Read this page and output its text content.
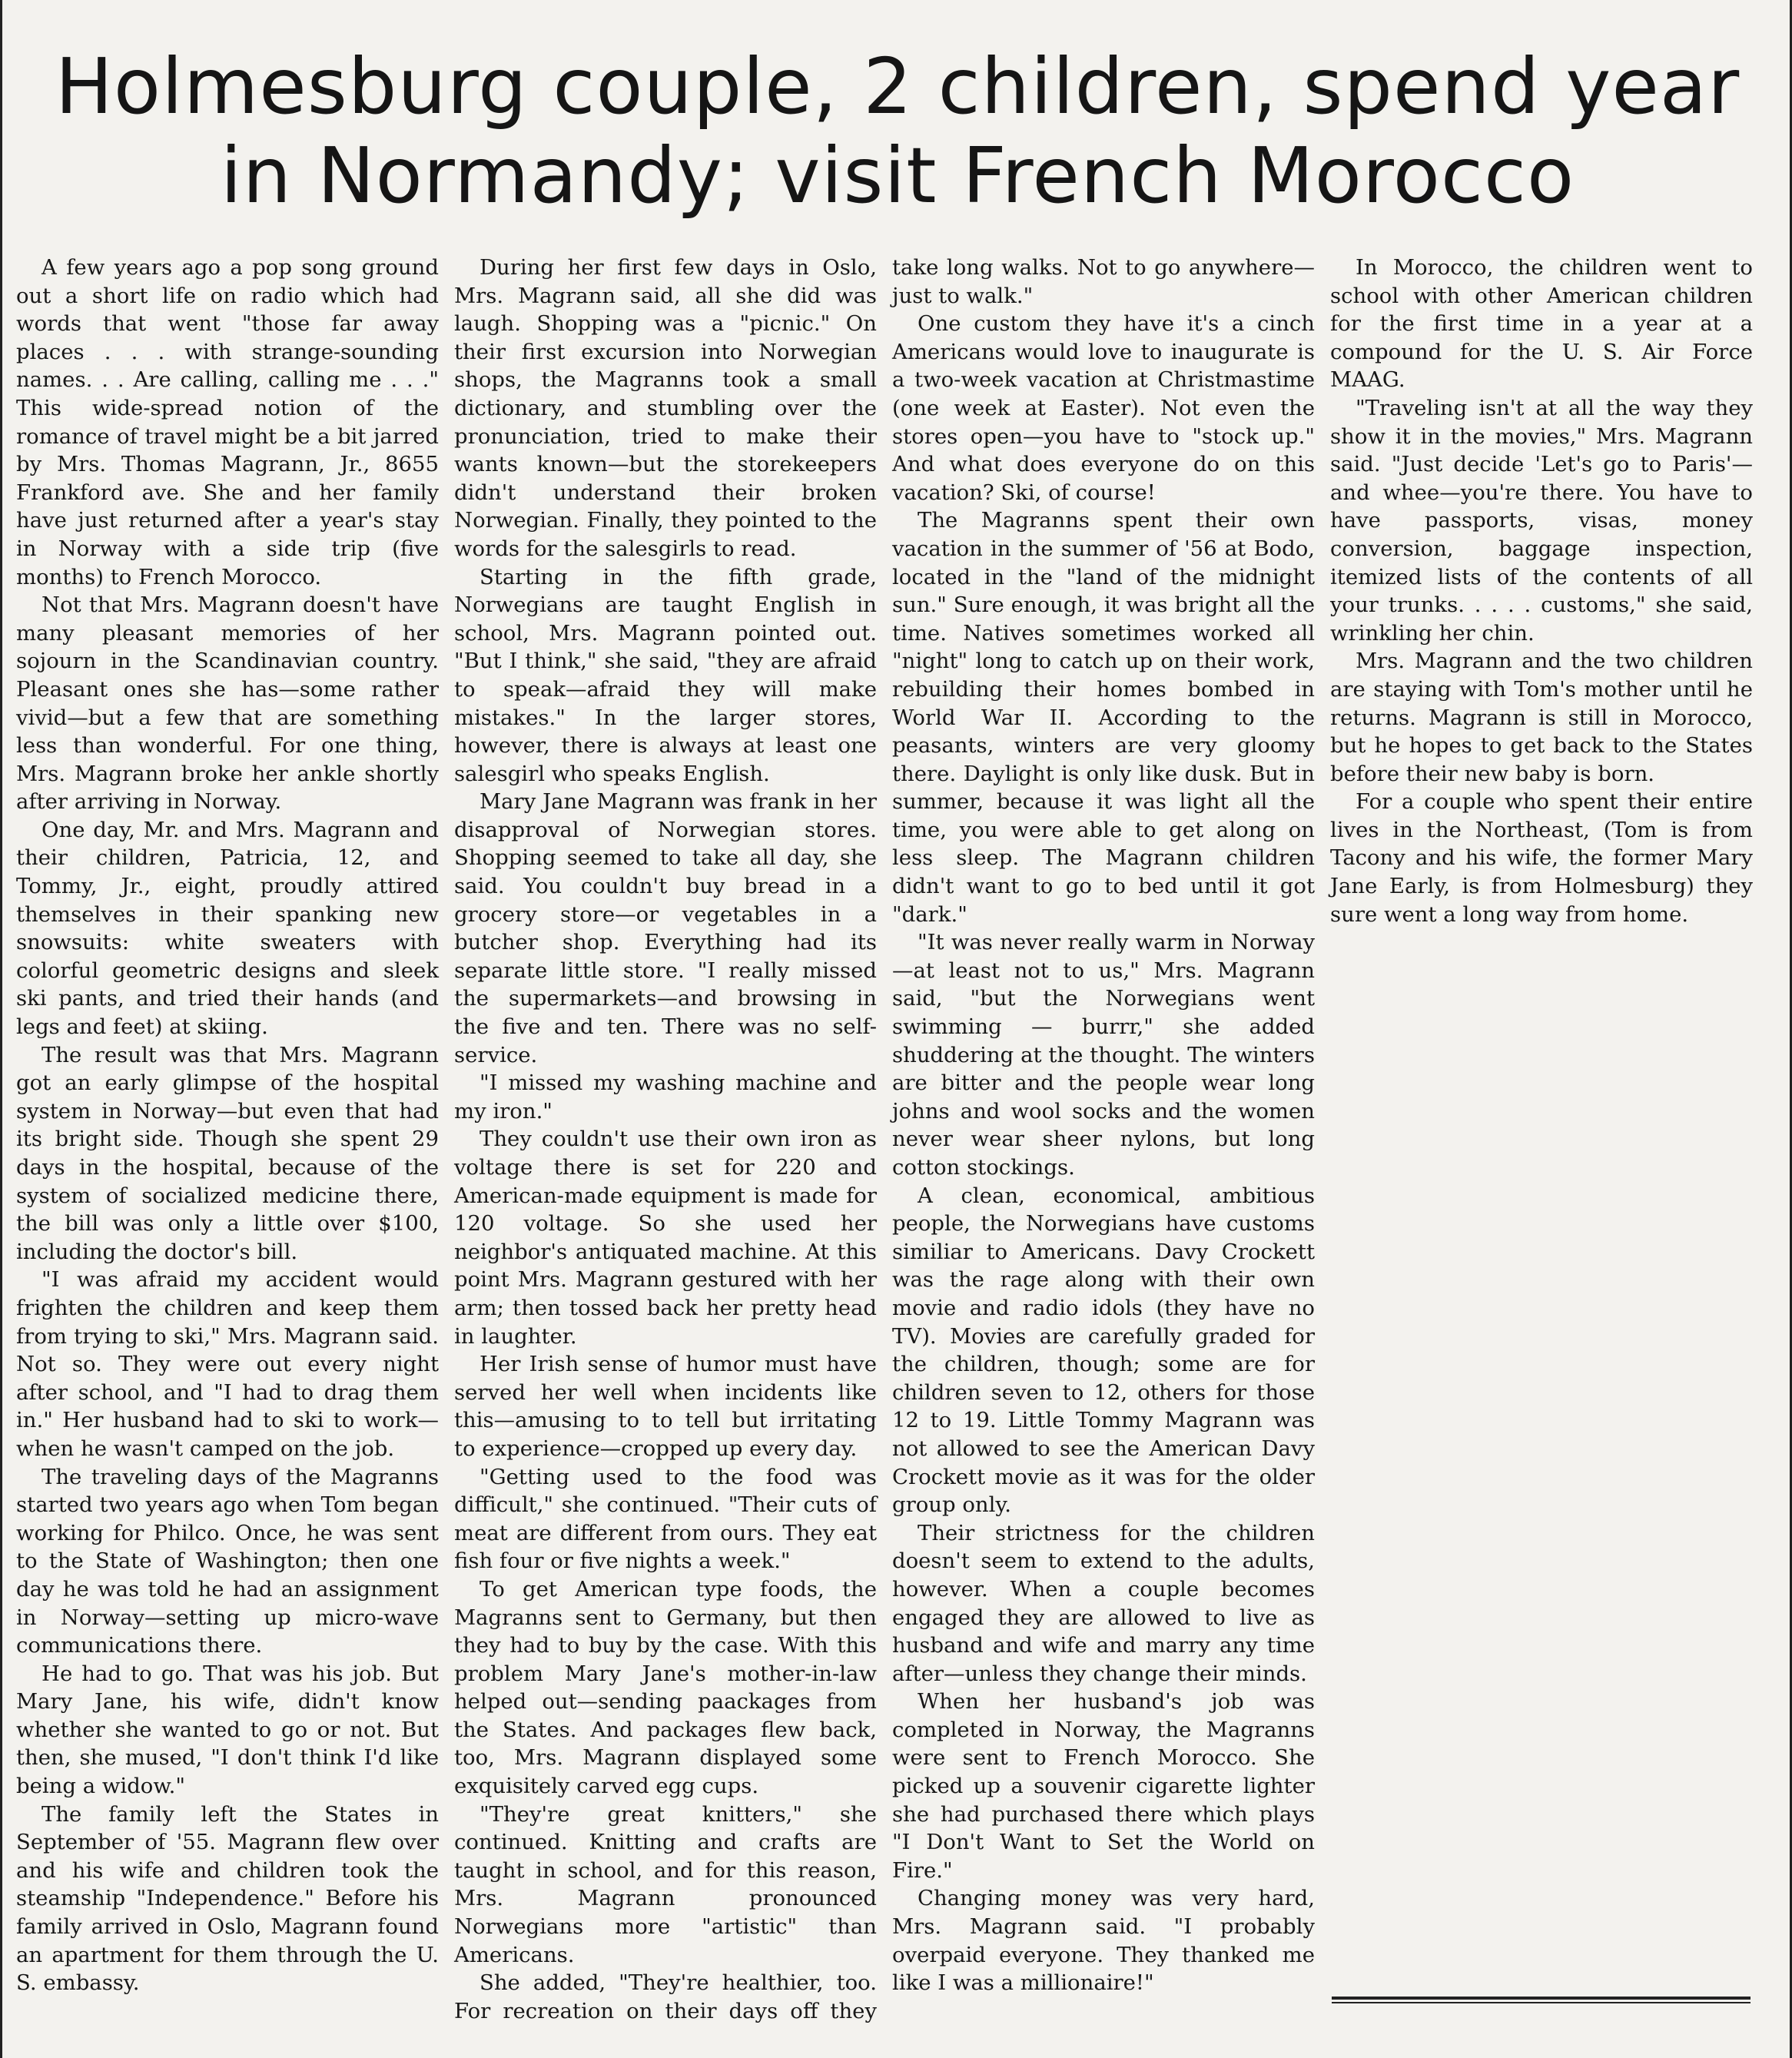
Holmesburg couple, 2 children, spend year in Normandy; visit French Morocco

A few years ago a pop song ground out a short life on radio which had words that went "those far away places . . . with strange-sounding names. . . Are calling, calling me . . ." This wide-spread notion of the romance of travel might be a bit jarred by Mrs. Thomas Magrann, Jr., 8655 Frankford ave. She and her family have just returned after a year's stay in Norway with a side trip (five months) to French Morocco.

Not that Mrs. Magrann doesn't have many pleasant memories of her sojourn in the Scandinavian country. Pleasant ones she has—some rather vivid—but a few that are something less than wonderful. For one thing, Mrs. Magrann broke her ankle shortly after arriving in Norway.

One day, Mr. and Mrs. Magrann and their children, Patricia, 12, and Tommy, Jr., eight, proudly attired themselves in their spanking new snowsuits: white sweaters with colorful geometric designs and sleek ski pants, and tried their hands (and legs and feet) at skiing.

The result was that Mrs. Magrann got an early glimpse of the hospital system in Norway—but even that had its bright side. Though she spent 29 days in the hospital, because of the system of socialized medicine there, the bill was only a little over $100, including the doctor's bill.

"I was afraid my accident would frighten the children and keep them from trying to ski," Mrs. Magrann said. Not so. They were out every night after school, and "I had to drag them in." Her husband had to ski to work—when he wasn't camped on the job.

The traveling days of the Magranns started two years ago when Tom began working for Philco. Once, he was sent to the State of Washington; then one day he was told he had an assignment in Norway—setting up micro-wave communications there.

He had to go. That was his job. But Mary Jane, his wife, didn't know whether she wanted to go or not. But then, she mused, "I don't think I'd like being a widow."

The family left the States in September of '55. Magrann flew over and his wife and children took the steamship "Independence." Before his family arrived in Oslo, Magrann found an apartment for them through the U. S. embassy.

During her first few days in Oslo, Mrs. Magrann said, all she did was laugh. Shopping was a "picnic." On their first excursion into Norwegian shops, the Magranns took a small dictionary, and stumbling over the pronunciation, tried to make their wants known—but the storekeepers didn't understand their broken Norwegian. Finally, they pointed to the words for the salesgirls to read.

Starting in the fifth grade, Norwegians are taught English in school, Mrs. Magrann pointed out. "But I think," she said, "they are afraid to speak—afraid they will make mistakes." In the larger stores, however, there is always at least one salesgirl who speaks English.

Mary Jane Magrann was frank in her disapproval of Norwegian stores. Shopping seemed to take all day, she said. You couldn't buy bread in a grocery store—or vegetables in a butcher shop. Everything had its separate little store. "I really missed the supermarkets—and browsing in the five and ten. There was no self-service.

"I missed my washing machine and my iron."

They couldn't use their own iron as voltage there is set for 220 and American-made equipment is made for 120 voltage. So she used her neighbor's antiquated machine. At this point Mrs. Magrann gestured with her arm; then tossed back her pretty head in laughter.

Her Irish sense of humor must have served her well when incidents like this—amusing to to tell but irritating to experience—cropped up every day.

"Getting used to the food was difficult," she continued. "Their cuts of meat are different from ours. They eat fish four or five nights a week."

To get American type foods, the Magranns sent to Germany, but then they had to buy by the case. With this problem Mary Jane's mother-in-law helped out—sending paackages from the States. And packages flew back, too, Mrs. Magrann displayed some exquisitely carved egg cups.

"They're great knitters," she continued. Knitting and crafts are taught in school, and for this reason, Mrs. Magrann pronounced Norwegians more "artistic" than Americans.

She added, "They're healthier, too. For recreation on their days off they take long walks. Not to go anywhere—just to walk."

One custom they have it's a cinch Americans would love to inaugurate is a two-week vacation at Christmastime (one week at Easter). Not even the stores open—you have to "stock up." And what does everyone do on this vacation? Ski, of course!

The Magranns spent their own vacation in the summer of '56 at Bodo, located in the "land of the midnight sun." Sure enough, it was bright all the time. Natives sometimes worked all "night" long to catch up on their work, rebuilding their homes bombed in World War II. According to the peasants, winters are very gloomy there. Daylight is only like dusk. But in summer, because it was light all the time, you were able to get along on less sleep. The Magrann children didn't want to go to bed until it got "dark."

"It was never really warm in Norway—at least not to us," Mrs. Magrann said, "but the Norwegians went swimming — burrr," she added shuddering at the thought. The winters are bitter and the people wear long johns and wool socks and the women never wear sheer nylons, but long cotton stockings.

A clean, economical, ambitious people, the Norwegians have customs similiar to Americans. Davy Crockett was the rage along with their own movie and radio idols (they have no TV). Movies are carefully graded for the children, though; some are for children seven to 12, others for those 12 to 19. Little Tommy Magrann was not allowed to see the American Davy Crockett movie as it was for the older group only.

Their strictness for the children doesn't seem to extend to the adults, however. When a couple becomes engaged they are allowed to live as husband and wife and marry any time after—unless they change their minds.

When her husband's job was completed in Norway, the Magranns were sent to French Morocco. She picked up a souvenir cigarette lighter she had purchased there which plays "I Don't Want to Set the World on Fire."

Changing money was very hard, Mrs. Magrann said. "I probably overpaid everyone. They thanked me like I was a millionaire!"

In Morocco, the children went to school with other American children for the first time in a year at a compound for the U. S. Air Force MAAG.

"Traveling isn't at all the way they show it in the movies," Mrs. Magrann said. "Just decide 'Let's go to Paris'—and whee—you're there. You have to have passports, visas, money conversion, baggage inspection, itemized lists of the contents of all your trunks. . . . . customs," she said, wrinkling her chin.

Mrs. Magrann and the two children are staying with Tom's mother until he returns. Magrann is still in Morocco, but he hopes to get back to the States before their new baby is born.

For a couple who spent their entire lives in the Northeast, (Tom is from Tacony and his wife, the former Mary Jane Early, is from Holmesburg) they sure went a long way from home.
